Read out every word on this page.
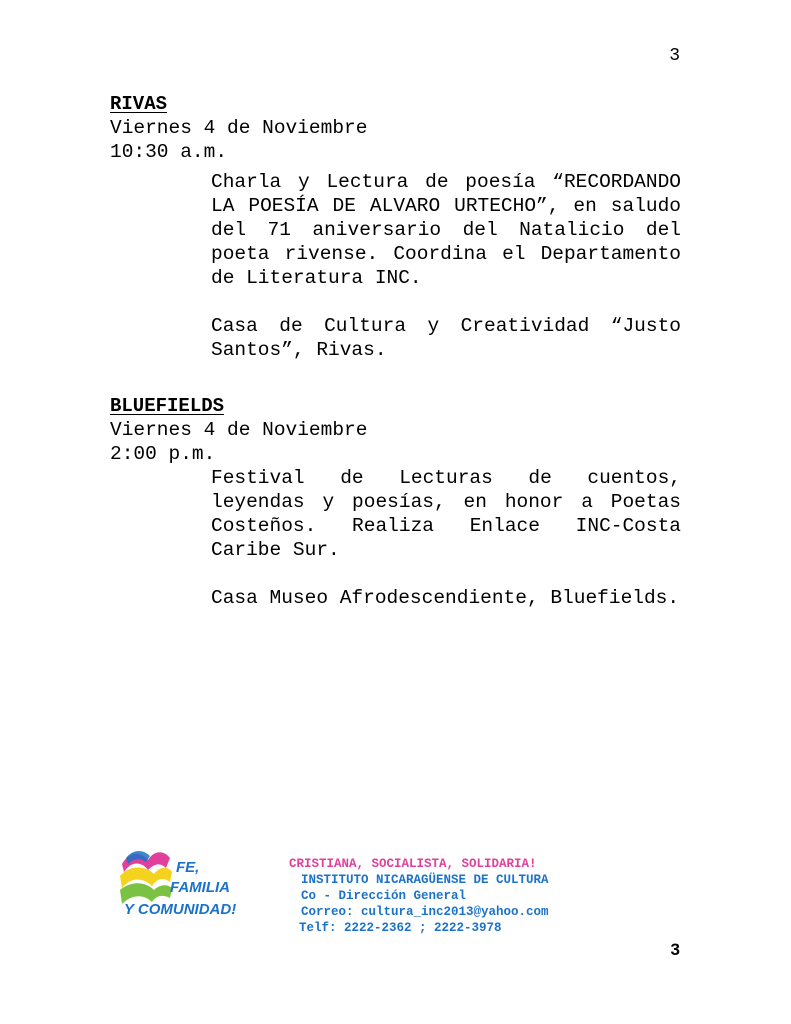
3
RIVAS
Viernes 4 de Noviembre
10:30 a.m.

Charla y Lectura de poesía “RECORDANDO LA POESÍA DE ALVARO URTECHO”, en saludo del 71 aniversario del Natalicio del poeta rivense. Coordina el Departamento de Literatura INC.

Casa de Cultura y Creatividad “Justo Santos”, Rivas.

BLUEFIELDS
Viernes 4 de Noviembre
2:00 p.m.

Festival de Lecturas de cuentos, leyendas y poesías, en honor a Poetas Costeños. Realiza Enlace INC-Costa Caribe Sur.

Casa Museo Afrodescendiente, Bluefields.

FE,
FAMILIA
Y COMUNIDAD!
CRISTIANA, SOCIALISTA, SOLIDARIA!
INSTITUTO NICARAGÜENSE DE CULTURA
Co - Dirección General
Correo: cultura_inc2013@yahoo.com
Telf: 2222-2362 ; 2222-3978
3
